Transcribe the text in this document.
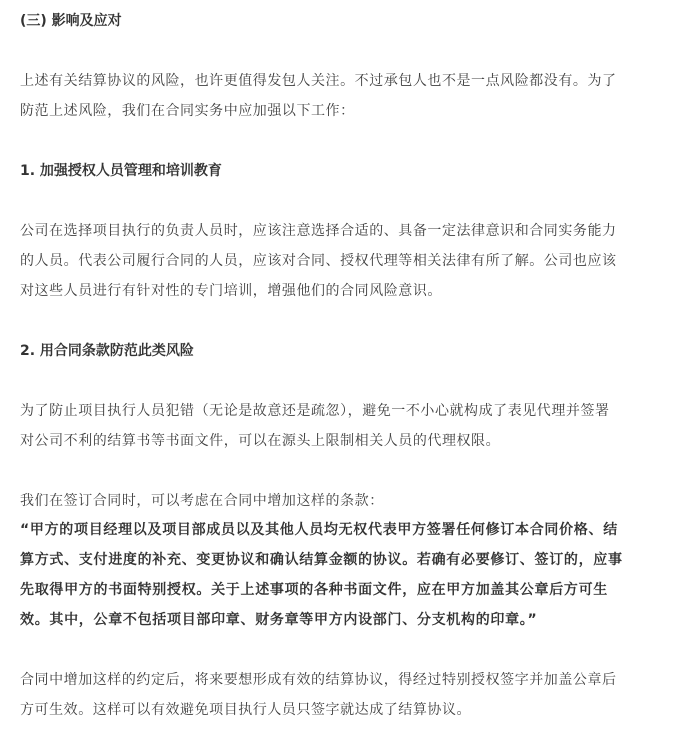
(三) 影响及应对
上述有关结算协议的风险，也许更值得发包人关注。不过承包人也不是一点风险都没有。为了
防范上述风险，我们在合同实务中应加强以下工作：
1. 加强授权人员管理和培训教育
公司在选择项目执行的负责人员时，应该注意选择合适的、具备一定法律意识和合同实务能力
的人员。代表公司履行合同的人员，应该对合同、授权代理等相关法律有所了解。公司也应该
对这些人员进行有针对性的专门培训，增强他们的合同风险意识。
2. 用合同条款防范此类风险
为了防止项目执行人员犯错（无论是故意还是疏忽），避免一不小心就构成了表见代理并签署
对公司不利的结算书等书面文件，可以在源头上限制相关人员的代理权限。
我们在签订合同时，可以考虑在合同中增加这样的条款：
“甲方的项目经理以及项目部成员以及其他人员均无权代表甲方签署任何修订本合同价格、结
算方式、支付进度的补充、变更协议和确认结算金额的协议。若确有必要修订、签订的，应事
先取得甲方的书面特别授权。关于上述事项的各种书面文件，应在甲方加盖其公章后方可生
效。其中，公章不包括项目部印章、财务章等甲方内设部门、分支机构的印章。”
合同中增加这样的约定后，将来要想形成有效的结算协议，得经过特别授权签字并加盖公章后
方可生效。这样可以有效避免项目执行人员只签字就达成了结算协议。
